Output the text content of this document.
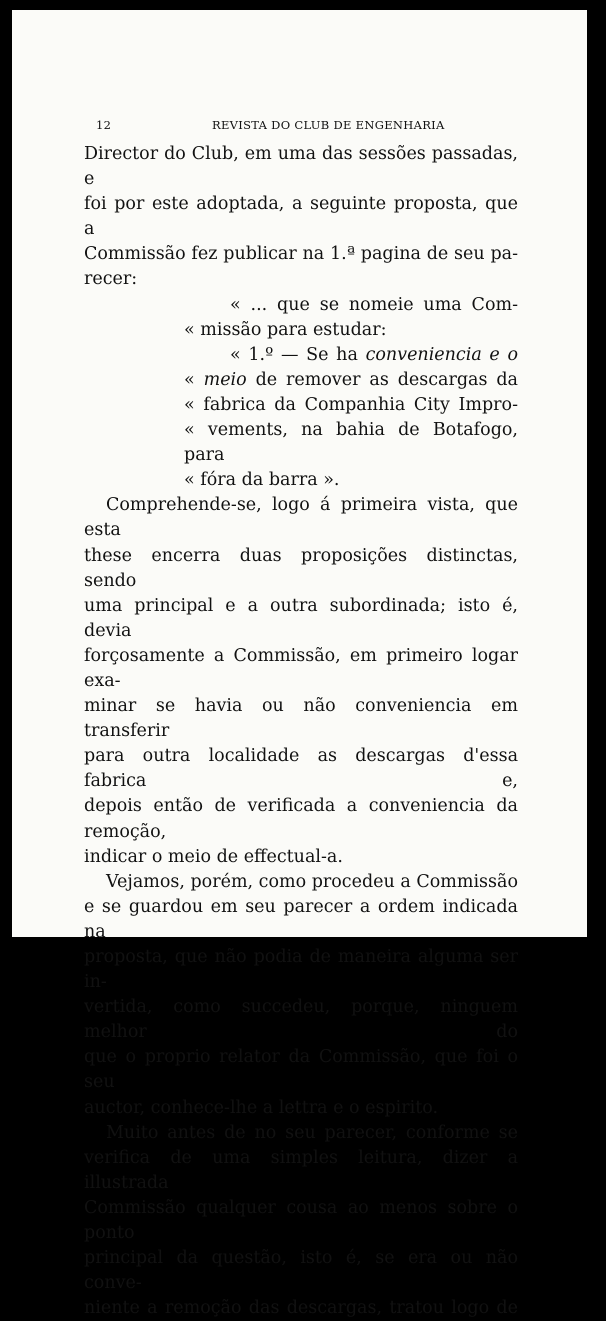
12	REVISTA DO CLUB DE ENGENHARIA

Director do Club, em uma das sessões passadas, e

foi por este adoptada, a seguinte proposta, que a

Commissão fez publicar na 1.ª pagina de seu pa-

recer:

« ... que se nomeie uma Com-

« missão para estudar:

« 1.º — Se ha conveniencia e o

« meio de remover as descargas da

« fabrica da Companhia City Impro-

« vements, na bahia de Botafogo, para

« fóra da barra ».

Comprehende-se, logo á primeira vista, que esta

these encerra duas proposições distinctas, sendo

uma principal e a outra subordinada; isto é, devia

forçosamente a Commissão, em primeiro logar exa-

minar se havia ou não conveniencia em transferir

para outra localidade as descargas d'essa fabrica e,

depois então de verificada a conveniencia da remoção,

indicar o meio de effectual-a.

Vejamos, porém, como procedeu a Commissão

e se guardou em seu parecer a ordem indicada na

proposta, que não podia de maneira alguma ser in-

vertida, como succedeu, porque, ninguem melhor do

que o proprio relator da Commissão, que foi o seu

auctor, conhece-lhe a lettra e o espirito.

Muito antes de no seu parecer, conforme se

verifica de uma simples leitura, dizer a illustrada

Commissão qualquer cousa ao menos sobre o ponto

principal da questão, isto é, se era ou não conve-

niente a remoção das descargas, tratou logo de
